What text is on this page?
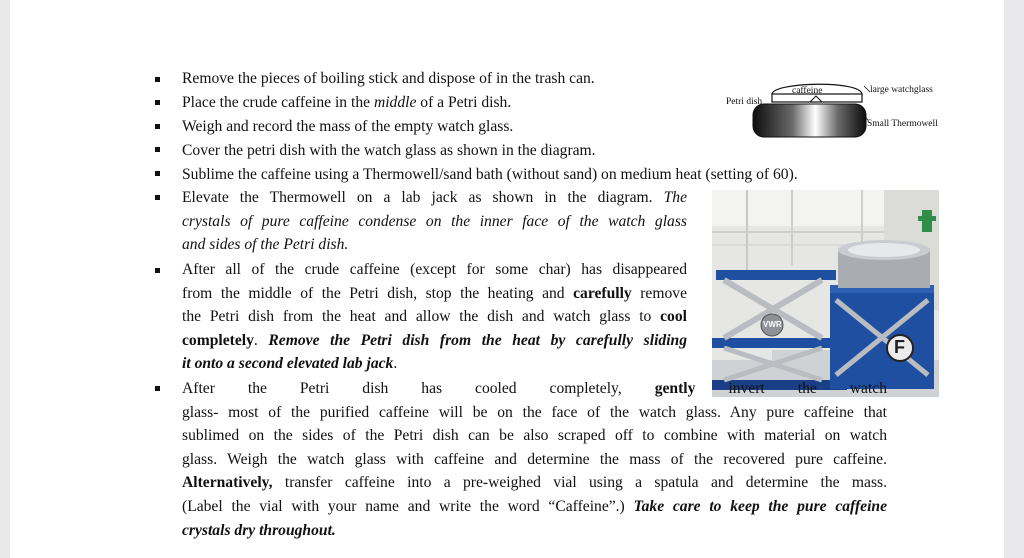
Remove the pieces of boiling stick and dispose of in the trash can.
Place the crude caffeine in the middle of a Petri dish.
Weigh and record the mass of the empty watch glass.
Cover the petri dish with the watch glass as shown in the diagram.
Sublime the caffeine using a Thermowell/sand bath (without sand) on medium heat (setting of 60).
caffeine	large watchglass
Petri dish
Small Thermowell
VWR
F
Elevate the Thermowell on a lab jack as shown in the diagram. The
crystals of pure caffeine condense on the inner face of the watch glass
and sides of the Petri dish.
After all of the crude caffeine (except for some char) has disappeared
from the middle of the Petri dish, stop the heating and carefully remove
the Petri dish from the heat and allow the dish and watch glass to cool
completely. Remove the Petri dish from the heat by carefully sliding
it onto a second elevated lab jack.
After the Petri dish has cooled completely, gently invert the watch
glass- most of the purified caffeine will be on the face of the watch glass. Any pure caffeine that
sublimed on the sides of the Petri dish can be also scraped off to combine with material on watch
glass. Weigh the watch glass with caffeine and determine the mass of the recovered pure caffeine.
Alternatively, transfer caffeine into a pre-weighed vial using a spatula and determine the mass.
(Label the vial with your name and write the word “Caffeine”.) Take care to keep the pure caffeine
crystals dry throughout.
